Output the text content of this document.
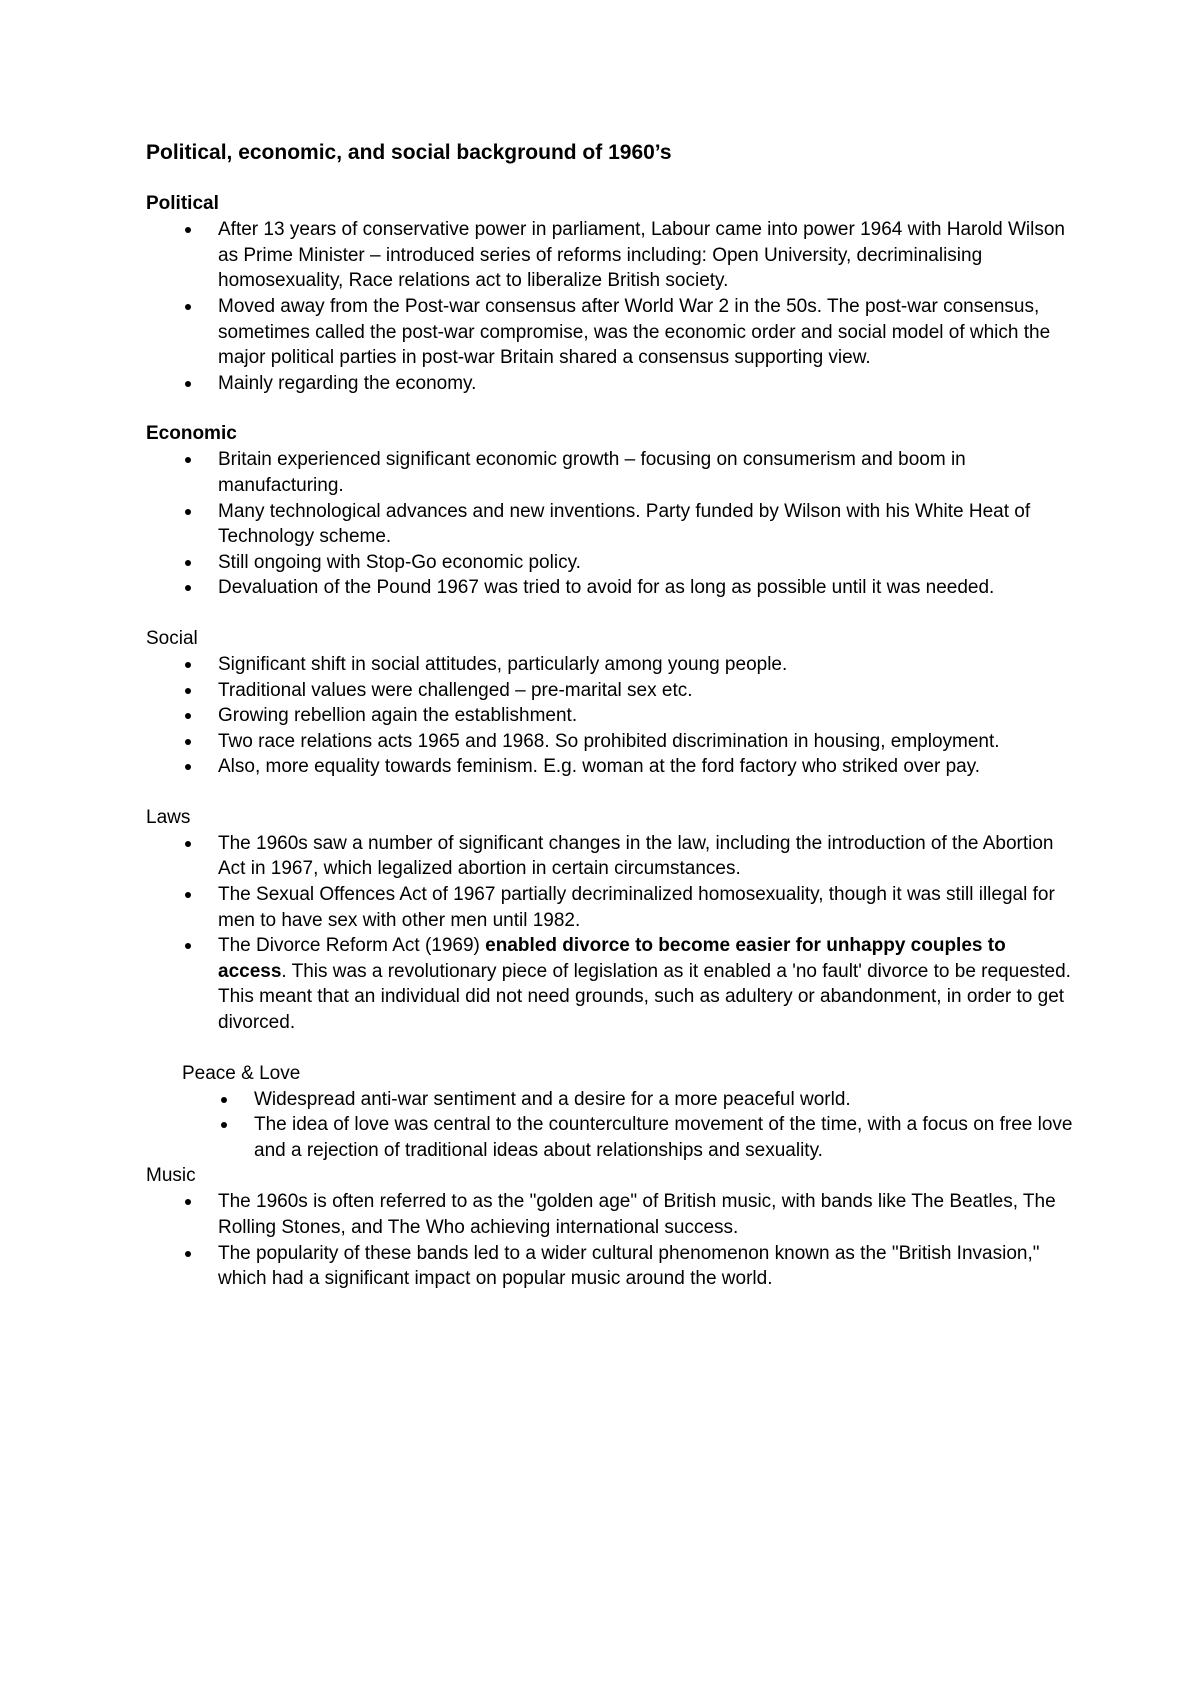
Political, economic, and social background of 1960’s
Political
After 13 years of conservative power in parliament, Labour came into power 1964 with Harold Wilson as Prime Minister – introduced series of reforms including: Open University, decriminalising homosexuality, Race relations act to liberalize British society.
Moved away from the Post-war consensus after World War 2 in the 50s. The post-war consensus, sometimes called the post-war compromise, was the economic order and social model of which the major political parties in post-war Britain shared a consensus supporting view.
Mainly regarding the economy.
Economic
Britain experienced significant economic growth – focusing on consumerism and boom in manufacturing.
Many technological advances and new inventions. Party funded by Wilson with his White Heat of Technology scheme.
Still ongoing with Stop-Go economic policy.
Devaluation of the Pound 1967 was tried to avoid for as long as possible until it was needed.
Social
Significant shift in social attitudes, particularly among young people.
Traditional values were challenged – pre-marital sex etc.
Growing rebellion again the establishment.
Two race relations acts 1965 and 1968. So prohibited discrimination in housing, employment.
Also, more equality towards feminism. E.g. woman at the ford factory who striked over pay.
Laws
The 1960s saw a number of significant changes in the law, including the introduction of the Abortion Act in 1967, which legalized abortion in certain circumstances.
The Sexual Offences Act of 1967 partially decriminalized homosexuality, though it was still illegal for men to have sex with other men until 1982.
The Divorce Reform Act (1969) enabled divorce to become easier for unhappy couples to access. This was a revolutionary piece of legislation as it enabled a 'no fault' divorce to be requested. This meant that an individual did not need grounds, such as adultery or abandonment, in order to get divorced.
Peace & Love
Widespread anti-war sentiment and a desire for a more peaceful world.
The idea of love was central to the counterculture movement of the time, with a focus on free love and a rejection of traditional ideas about relationships and sexuality.
Music
The 1960s is often referred to as the "golden age" of British music, with bands like The Beatles, The Rolling Stones, and The Who achieving international success.
The popularity of these bands led to a wider cultural phenomenon known as the "British Invasion," which had a significant impact on popular music around the world.
